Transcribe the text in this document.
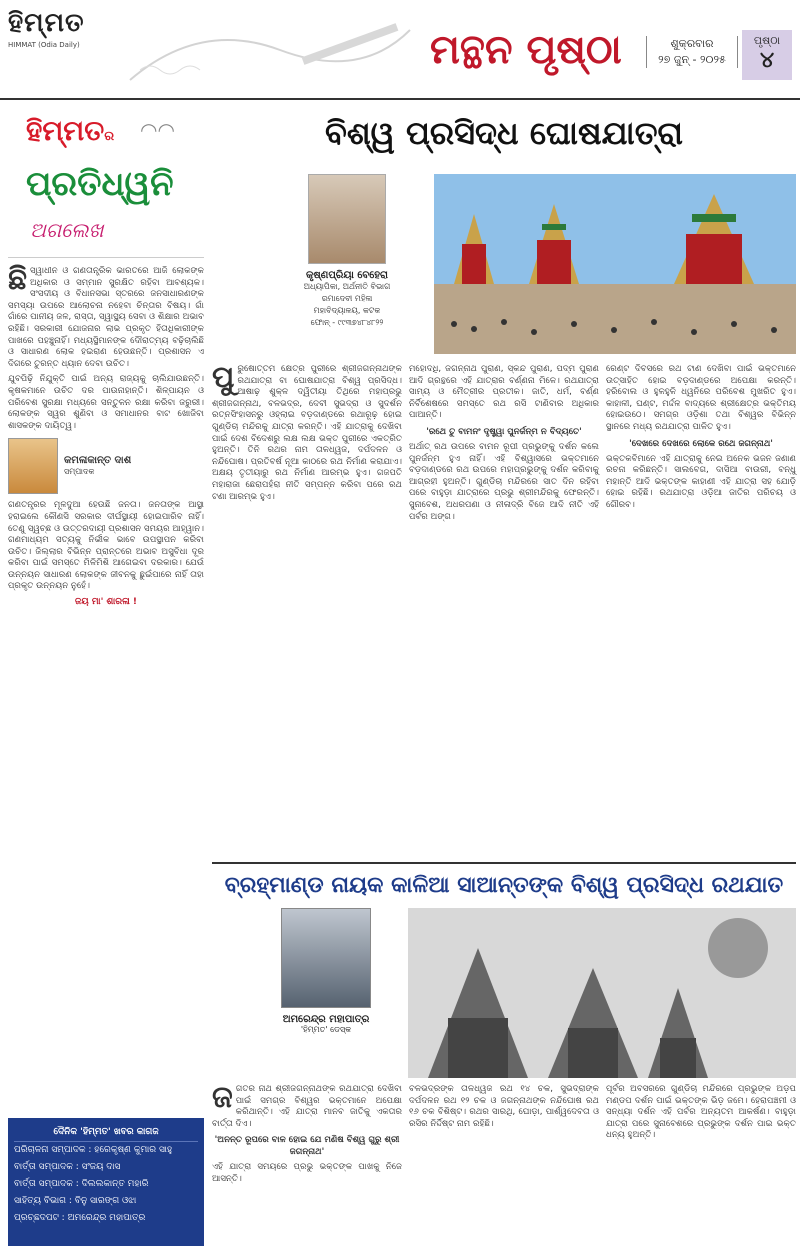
ହିମ୍ମତ
HIMMAT (Odia Daily)	ମନ୍ଥନ ପୃଷ୍ଠା	ଶୁକ୍ରବାର
୨୭ ଜୁନ୍ - ୨୦୨୫
ପୃଷ୍ଠା
୪
ହିମ୍ମତର ◠◠
ପ୍ରତିଧ୍ୱନି
ଅଗଲେଖ
ଛି ସ୍ୱାଧୀନ ଓ ଗଣତାନ୍ତ୍ରିକ ଭାରତରେ ଆଜି ଲୋକଙ୍କ ଅଧିକାର ଓ ସମ୍ମାନ ସୁରକ୍ଷିତ ରହିବା ଆବଶ୍ୟକ। ସଂସଦୀୟ ଓ ବିଧାନସଭା ସ୍ତରରେ ଜନସାଧାରଣଙ୍କ ସମସ୍ୟା ଉପରେ ଆଲୋଚନା ନହେବା ଚିନ୍ତାର ବିଷୟ। ଗାଁ ଗାଁରେ ପାନୀୟ ଜଳ, ରାସ୍ତା, ସ୍ୱାସ୍ଥ୍ୟ ସେବା ଓ ଶିକ୍ଷାର ଅଭାବ ରହିଛି। ସରକାରୀ ଯୋଜନାର ଲାଭ ପ୍ରକୃତ ହିତାଧିକାରୀଙ୍କ ପାଖରେ ପହଞ୍ଚୁନାହିଁ। ମଧ୍ୟସ୍ଥିମାନଙ୍କ ଦୌରାତ୍ମ୍ୟ ବଢ଼ିଚାଲିଛି ଓ ସାଧାରଣ ଲୋକ ହଇରାଣ ହେଉଛନ୍ତି। ପ୍ରଶାସନ ଏ ଦିଗରେ ତୁରନ୍ତ ଧ୍ୟାନ ଦେବା ଉଚିତ।

ଯୁବପିଢ଼ି ନିଯୁକ୍ତି ପାଇଁ ଅନ୍ୟ ରାଜ୍ୟକୁ ଚାଲିଯାଉଛନ୍ତି। କୃଷକମାନେ ଉଚିତ ଦର ପାଉନାହାନ୍ତି। ଶିଳ୍ପାୟନ ଓ ପରିବେଶ ସୁରକ୍ଷା ମଧ୍ୟରେ ସନ୍ତୁଳନ ରକ୍ଷା କରିବା ଜରୁରୀ। ଲୋକଙ୍କ ସ୍ୱର ଶୁଣିବା ଓ ସମାଧାନର ବାଟ ଖୋଜିବା ଶାସକଙ୍କ ଦାୟିତ୍ୱ।

କମଳାକାନ୍ତ ଦାଶ
ସମ୍ପାଦକ

ଗଣତନ୍ତ୍ରର ମୂଳଦୁଆ ହେଉଛି ଜନତା। ଜନତାଙ୍କ ଆସ୍ଥା ହରାଇଲେ କୌଣସି ସରକାର ଦୀର୍ଘସ୍ଥାୟୀ ହୋଇପାରିବ ନାହିଁ। ତେଣୁ ସ୍ୱଚ୍ଛ ଓ ଉତ୍ତରଦାୟୀ ପ୍ରଶାସନ ସମୟର ଆହ୍ୱାନ। ଗଣମାଧ୍ୟମ ସତ୍ୟକୁ ନିର୍ଭୀକ ଭାବେ ଉପସ୍ଥାପନ କରିବା ଉଚିତ। ଜିଲ୍ଲାର ବିଭିନ୍ନ ପ୍ରାନ୍ତରେ ଅଭାବ ଅସୁବିଧା ଦୂର କରିବା ପାଇଁ ସମସ୍ତେ ମିଳିମିଶି ଆଗେଇବା ଦରକାର। ଯେଉଁ ଉନ୍ନୟନ ସାଧାରଣ ଲୋକଙ୍କ ଜୀବନକୁ ଛୁଇଁପାରେ ନାହିଁ ତାହା ପ୍ରକୃତ ଉନ୍ନୟନ ନୁହେଁ।

ଜୟ ମା' ଶାରଳା !
ଦୈନିକ 'ହିମ୍ମତ' ଖବର କାଗଜ
ପରିଚାଳନା ସମ୍ପାଦକ : ହରେକୃଷ୍ଣ କୁମାର ସାହୁ
ବାର୍ତ୍ତା ସମ୍ପାଦକ : ସଂଜୟ ଦାସ
ବାର୍ତ୍ତା ସମ୍ପାଦକ : ଦିଲଲକାନ୍ତ ମହାରି
ସାହିତ୍ୟ ବିଭାଗ : ବିନୁ ସାରଙ୍ଗ ଓଝା
ପ୍ରଚ୍ଛଦପଟ : ଅମରେନ୍ଦ୍ର ମହାପାତ୍ର
ବିଶ୍ୱ ପ୍ରସିଦ୍ଧ ଘୋଷଯାତ୍ରା
କୃଷ୍ଣପ୍ରିୟା ବେହେରା
ଅଧ୍ୟାପିକା, ଅର୍ଥନୀତି ବିଭାଗ
ରମାଦେବୀ ମହିଳା
ମହାବିଦ୍ୟାଳୟ, କଟକ
ଫୋନ୍ - ୯୯୩୭୪୮୪୮୨୨
ପୁ ରୁଷୋତ୍ତମ କ୍ଷେତ୍ର ପୁରୀରେ ଶ୍ରୀଜଗନ୍ନାଥଙ୍କ ରଥଯାତ୍ରା ବା ଘୋଷଯାତ୍ରା ବିଶ୍ୱ ପ୍ରସିଦ୍ଧ। ଆଷାଢ଼ ଶୁକ୍ଳ ଦ୍ୱିତୀୟା ତିଥିରେ ମହାପ୍ରଭୁ ଶ୍ରୀଜଗନ୍ନାଥ, ବଳଭଦ୍ର, ଦେବୀ ସୁଭଦ୍ରା ଓ ସୁଦର୍ଶନ ରତ୍ନସିଂହାସନରୁ ଓହ୍ଲାଇ ବଡ଼ଦାଣ୍ଡରେ ରଥାରୂଢ଼ ହୋଇ ଗୁଣ୍ଡିଚା ମନ୍ଦିରକୁ ଯାତ୍ରା କରନ୍ତି। ଏହି ଯାତ୍ରାକୁ ଦେଖିବା ପାଇଁ ଦେଶ ବିଦେଶରୁ ଲକ୍ଷ ଲକ୍ଷ ଭକ୍ତ ପୁରୀରେ ଏକତ୍ରିତ ହୁଅନ୍ତି। ତିନି ରଥର ନାମ ତାଳଧ୍ୱଜ, ଦର୍ପଦଳନ ଓ ନନ୍ଦିଘୋଷ। ପ୍ରତିବର୍ଷ ନୂଆ କାଠରେ ରଥ ନିର୍ମାଣ କରାଯାଏ। ଅକ୍ଷୟ ତୃତୀୟାରୁ ରଥ ନିର୍ମାଣ ଆରମ୍ଭ ହୁଏ। ଗଜପତି ମହାରାଜା ଛେରାପହଁରା ନୀତି ସମ୍ପନ୍ନ କରିବା ପରେ ରଥ ଟଣା ଆରମ୍ଭ ହୁଏ।

ମହୋଦଧି, ଜଗନ୍ନାଥ ପୁରାଣ, ସ୍କନ୍ଦ ପୁରାଣ, ପଦ୍ମ ପୁରାଣ ଆଦି ଗ୍ରନ୍ଥରେ ଏହି ଯାତ୍ରାର ବର୍ଣ୍ଣନା ମିଳେ। ରଥଯାତ୍ରା ସାମ୍ୟ ଓ ମୈତ୍ରୀର ପ୍ରତୀକ। ଜାତି, ଧର୍ମ, ବର୍ଣ୍ଣ ନିର୍ବିଶେଷରେ ସମସ୍ତେ ରଥ ରସି ଟାଣିବାର ଅଧିକାର ପାଆନ୍ତି।

'ରଥେ ତୁ ବାମନଂ ଦୃଷ୍ଟ୍ୱା ପୁନର୍ଜନ୍ମ ନ ବିଦ୍ୟତେ'

ଅର୍ଥାତ୍ ରଥ ଉପରେ ବାମନ ରୂପୀ ପ୍ରଭୁଙ୍କୁ ଦର୍ଶନ କଲେ ପୁନର୍ଜନ୍ମ ହୁଏ ନାହିଁ। ଏହି ବିଶ୍ୱାସରେ ଭକ୍ତମାନେ ବଡ଼ଦାଣ୍ଡରେ ରଥ ଉପରେ ମହାପ୍ରଭୁଙ୍କୁ ଦର୍ଶନ କରିବାକୁ ଆଗ୍ରହୀ ହୁଅନ୍ତି। ଗୁଣ୍ଡିଚା ମନ୍ଦିରରେ ସାତ ଦିନ ରହିବା ପରେ ବାହୁଡ଼ା ଯାତ୍ରାରେ ପ୍ରଭୁ ଶ୍ରୀମନ୍ଦିରକୁ ଫେରନ୍ତି। ସୁନାବେଶ, ଅଧରପଣା ଓ ନୀଳାଦ୍ରି ବିଜେ ଆଦି ନୀତି ଏହି ପର୍ବର ଅଙ୍ଗ।

ରେଣ୍ଟ ଦିବସରେ ରଥ ଟାଣ ଦେଖିବା ପାଇଁ ଭକ୍ତମାନେ ଉତ୍ସାହିତ ହୋଇ ବଡ଼ଦାଣ୍ଡରେ ଅପେକ୍ଷା କରନ୍ତି। ହରିବୋଲ ଓ ହୁଳହୁଳି ଧ୍ୱନିରେ ପରିବେଶ ମୁଖରିତ ହୁଏ। କାହାଳୀ, ଘଣ୍ଟ, ମର୍ଦ୍ଦଳ ବାଦ୍ୟରେ ଶ୍ରୀକ୍ଷେତ୍ର ଭକ୍ତିମୟ ହୋଇଉଠେ। ସମଗ୍ର ଓଡ଼ିଶା ତଥା ବିଶ୍ୱର ବିଭିନ୍ନ ସ୍ଥାନରେ ମଧ୍ୟ ରଥଯାତ୍ରା ପାଳିତ ହୁଏ।

'ଦେଖରେ ଦେଖରେ ଲୋକେ ରଥେ ଜଗନ୍ନାଥ'

ଭକ୍ତକବିମାନେ ଏହି ଯାତ୍ରାକୁ ନେଇ ଅନେକ ଭଜନ ଜଣାଣ ରଚନା କରିଛନ୍ତି। ସାଲବେଗ, ଦାସିଆ ବାଉରୀ, ବନ୍ଧୁ ମହାନ୍ତି ଆଦି ଭକ୍ତଙ୍କ କାହାଣୀ ଏହି ଯାତ୍ରା ସହ ଯୋଡ଼ି ହୋଇ ରହିଛି। ରଥଯାତ୍ରା ଓଡ଼ିଆ ଜାତିର ପରିଚୟ ଓ ଗୌରବ।

ବ୍ରହ୍ମାଣ୍ଡ ନାୟକ କାଳିଆ ସାଆନ୍ତଙ୍କ ବିଶ୍ୱ ପ୍ରସିଦ୍ଧ ରଥଯାତ
ଅମରେନ୍ଦ୍ର ମହାପାତ୍ର
'ହିମ୍ମତ' ଡେସ୍କ
ଜ ଗତର ନାଥ ଶ୍ରୀଜଗନ୍ନାଥଙ୍କ ରଥଯାତ୍ରା ଦେଖିବା ପାଇଁ ସମଗ୍ର ବିଶ୍ୱର ଭକ୍ତମାନେ ଅପେକ୍ଷା କରିଥାନ୍ତି। ଏହି ଯାତ୍ରା ମାନବ ଜାତିକୁ ଏକତାର ବାର୍ତ୍ତା ଦିଏ।

'ଅନନ୍ତ ରୂପରେ ବାଳ ହୋଇ ଯେ ମଣିଷ ବିଶ୍ୱ ଗୁରୁ ଶ୍ରୀ ଜଗନ୍ନାଥ'

ଏହି ଯାତ୍ରା ସମୟରେ ପ୍ରଭୁ ଭକ୍ତଙ୍କ ପାଖକୁ ନିଜେ ଆସନ୍ତି।

ବଳଭଦ୍ରଙ୍କ ତାଳଧ୍ୱଜ ରଥ ୧୪ ଚକ, ସୁଭଦ୍ରାଙ୍କ ଦର୍ପଦଳନ ରଥ ୧୨ ଚକ ଓ ଜଗନ୍ନାଥଙ୍କ ନନ୍ଦିଘୋଷ ରଥ ୧୬ ଚକ ବିଶିଷ୍ଟ। ରଥର ସାରଥି, ଘୋଡ଼ା, ପାର୍ଶ୍ୱଦେବତା ଓ ରସିର ନିର୍ଦ୍ଦିଷ୍ଟ ନାମ ରହିଛି।

ପୂର୍ବର ଅବସରରେ ଗୁଣ୍ଡିଚା ମନ୍ଦିରରେ ପ୍ରଭୁଙ୍କ ଅଡ଼ପ ମଣ୍ଡପ ଦର୍ଶନ ପାଇଁ ଭକ୍ତଙ୍କ ଭିଡ଼ ଜମେ। ହେରାପଞ୍ଚମୀ ଓ ସନ୍ଧ୍ୟା ଦର୍ଶନ ଏହି ପର୍ବର ଅନ୍ୟତମ ଆକର୍ଷଣ। ବାହୁଡ଼ା ଯାତ୍ରା ପରେ ସୁନାବେଶରେ ପ୍ରଭୁଙ୍କ ଦର୍ଶନ ପାଇ ଭକ୍ତ ଧନ୍ୟ ହୁଅନ୍ତି।
